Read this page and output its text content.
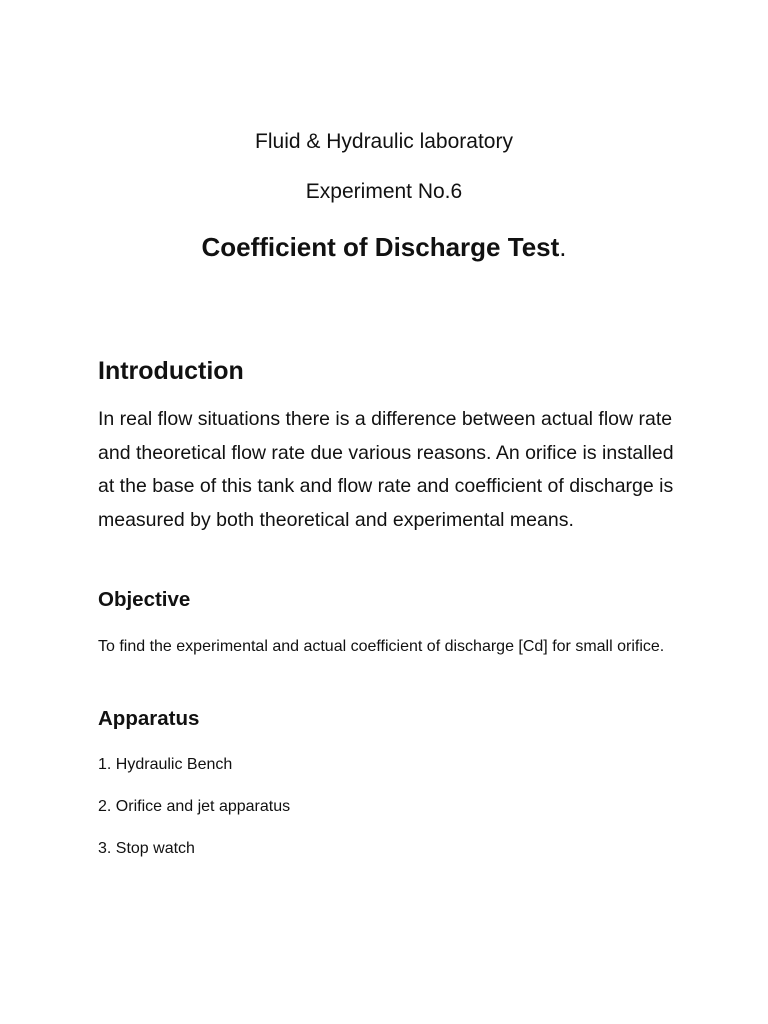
Fluid & Hydraulic laboratory

Experiment No.6

Coefficient of Discharge Test.
Introduction

In real flow situations there is a difference between actual flow rate and theoretical flow rate due various reasons. An orifice is installed at the base of this tank and flow rate and coefficient of discharge is measured by both theoretical and experimental means.

Objective

To find the experimental and actual coefficient of discharge [Cd] for small orifice.

Apparatus

1. Hydraulic Bench

2. Orifice and jet apparatus

3. Stop watch
